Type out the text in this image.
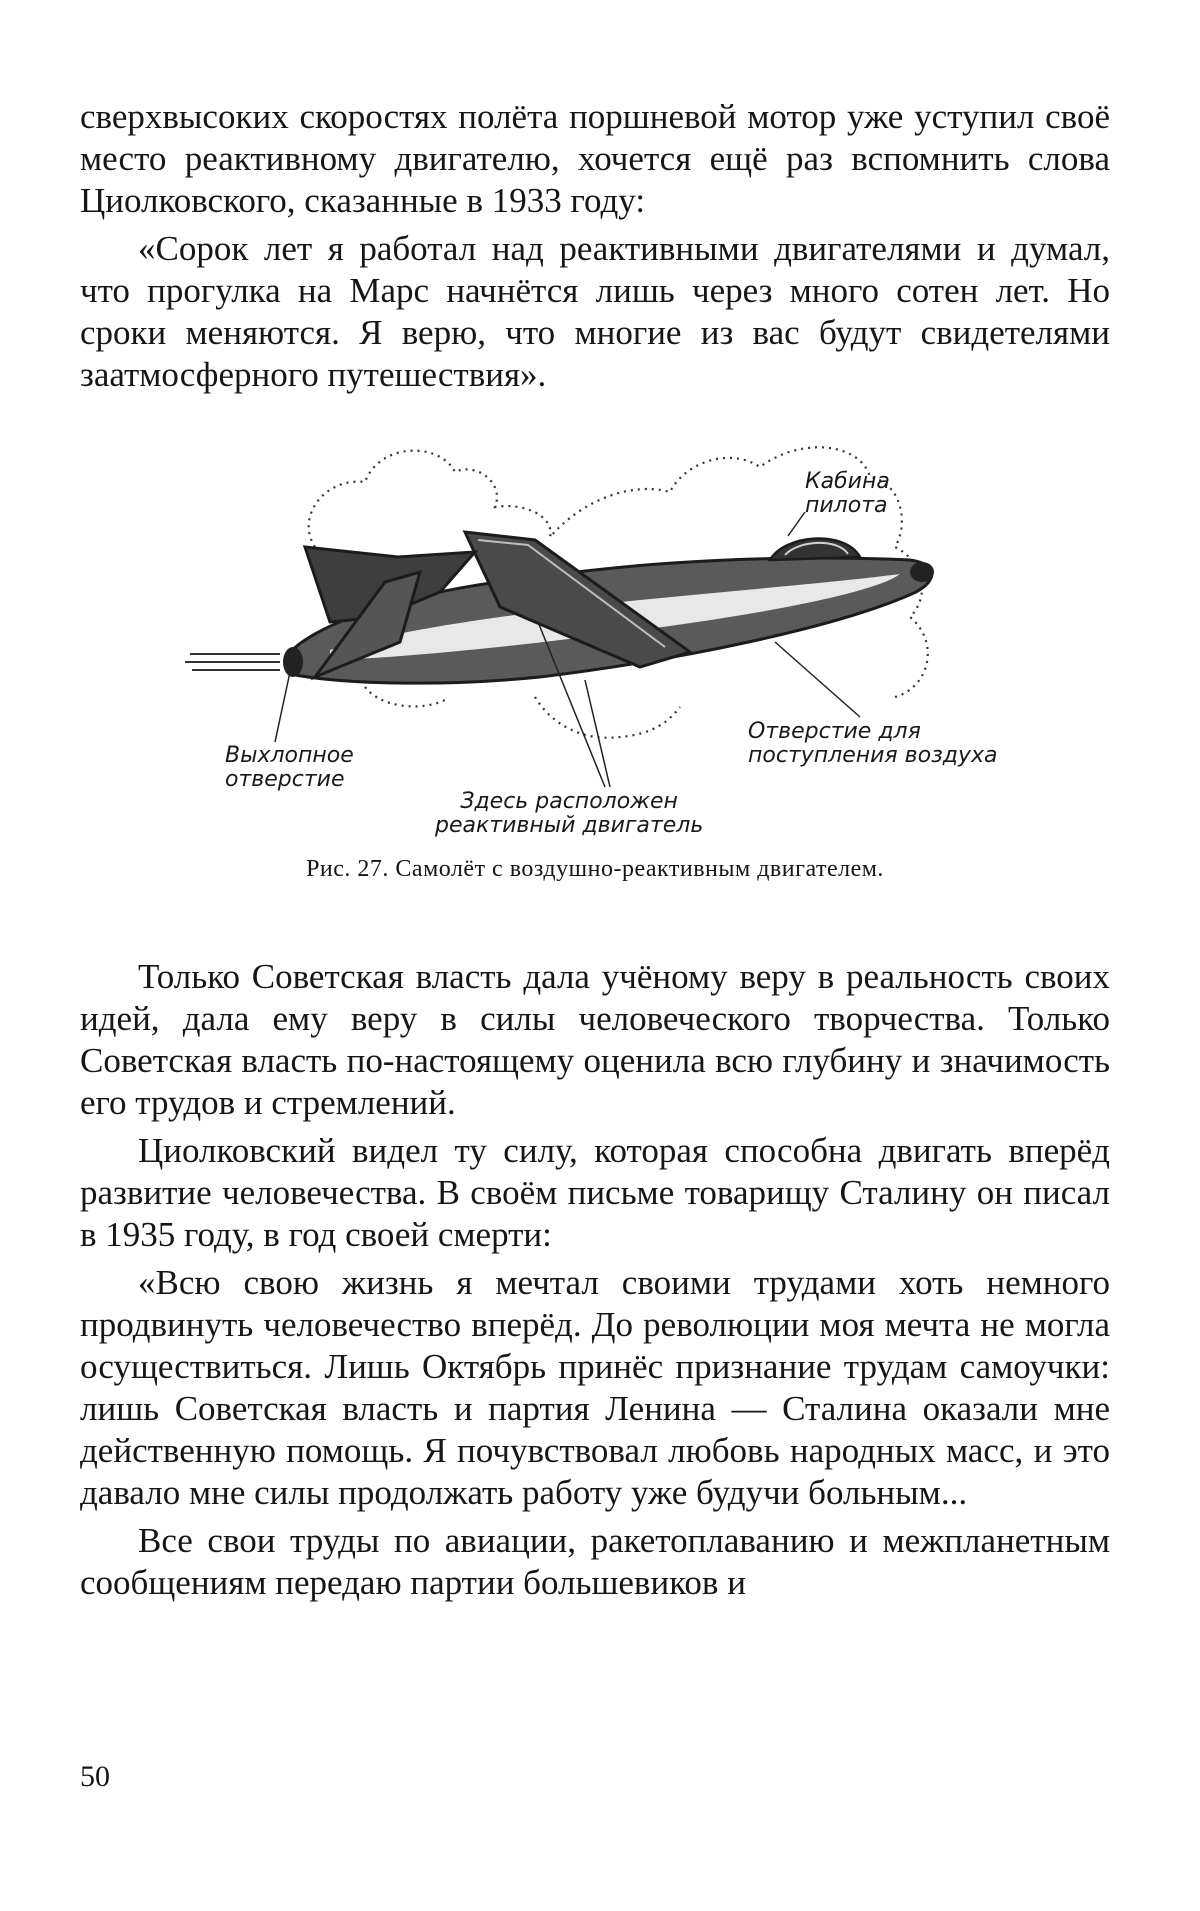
сверхвысоких скоростях полёта поршневой мотор уже уступил своё место реактивному двигателю, хочется ещё раз вспомнить слова Циолковского, сказанные в 1933 году:

«Сорок лет я работал над реактивными двигателями и думал, что прогулка на Марс начнётся лишь через много сотен лет. Но сроки меняются. Я верю, что многие из вас будут свидетелями заатмосферного путешествия».

Кабина
пилота
Выхлопное
отверстие
Отверстие для
поступления воздуха
Здесь расположен
реактивный двигатель
Рис. 27. Самолёт с воздушно-реактивным двигателем.

Только Советская власть дала учёному веру в реальность своих идей, дала ему веру в силы человеческого творчества. Только Советская власть по-настоящему оценила всю глубину и значимость его трудов и стремлений.

Циолковский видел ту силу, которая способна двигать вперёд развитие человечества. В своём письме товарищу Сталину он писал в 1935 году, в год своей смерти:

«Всю свою жизнь я мечтал своими трудами хоть немного продвинуть человечество вперёд. До революции моя мечта не могла осуществиться. Лишь Октябрь принёс признание трудам самоучки: лишь Советская власть и партия Ленина — Сталина оказали мне действенную помощь. Я почувствовал любовь народных масс, и это давало мне силы продолжать работу уже будучи больным...

Все свои труды по авиации, ракетоплаванию и межпланетным сообщениям передаю партии большевиков и

50
